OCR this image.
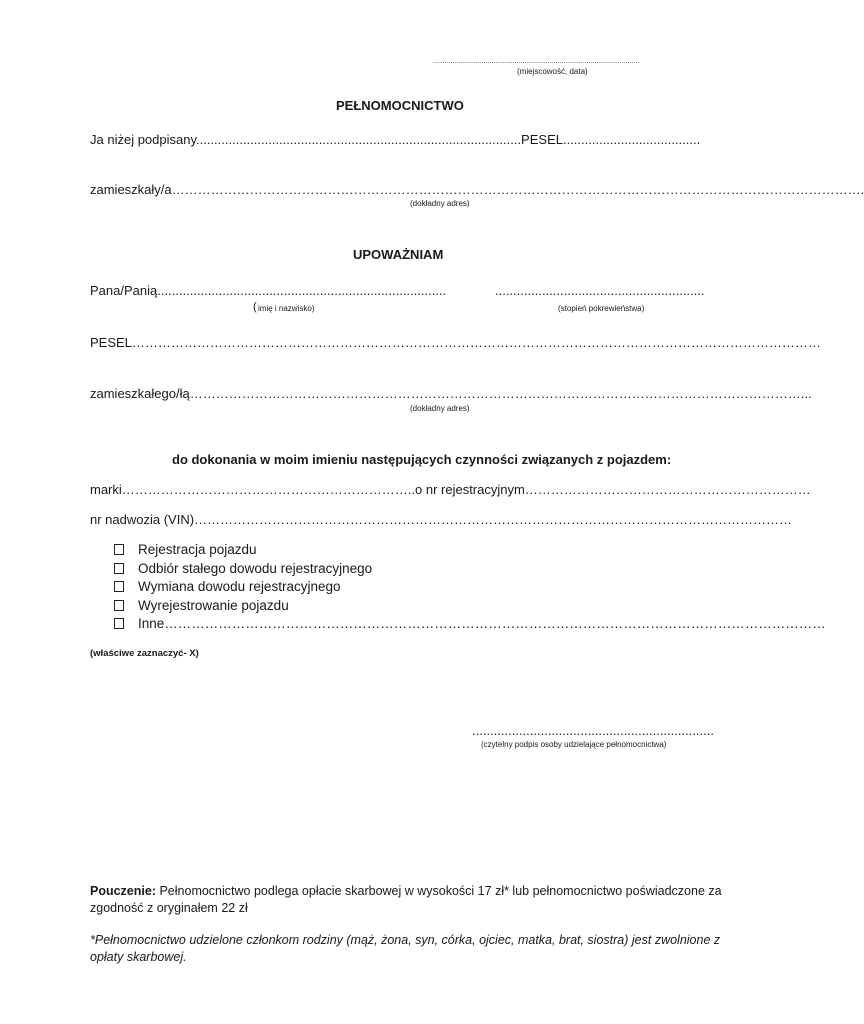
..........................................................................................................
(miejscowość, data)
PEŁNOMOCNICTWO
Ja niżej podpisany..........................................................................................PESEL......................................
zamieszkały/a…………………………………………………………………………………………………………………………………………….
(dokładny adres)
UPOWAŻNIAM
Pana/Panią................................................................................	..........................................................
( imię i nazwisko)	(stopień pokrewieństwa)
PESEL……………………………………………………………………………………………………………………………………………
zamieszkałego/łą……………………………………………………………………………………………………………………………...
(dokładny adres)
do dokonania w moim imieniu następujących czynności związanych z pojazdem:
marki…………………………………………………………..o nr rejestracyjnym…………………………………………………………
nr nadwozia (VIN)…………………………………………………………………………………………………………………………
Rejestracja pojazdu
Odbiór stałego dowodu rejestracyjnego
Wymiana dowodu rejestracyjnego
Wyrejestrowanie pojazdu
Inne…………………………………………………………………………………………………………………………………
(właściwe zaznaczyć- X)
...................................................................
(czytelny podpis osoby udzielające pełnomocnictwa)
Pouczenie: Pełnomocnictwo podlega opłacie skarbowej w wysokości 17 zł* lub pełnomocnictwo poświadczone za zgodność z oryginałem 22 zł
*Pełnomocnictwo udzielone członkom rodziny (mąż, żona, syn, córka, ojciec, matka, brat, siostra) jest zwolnione z opłaty skarbowej.
